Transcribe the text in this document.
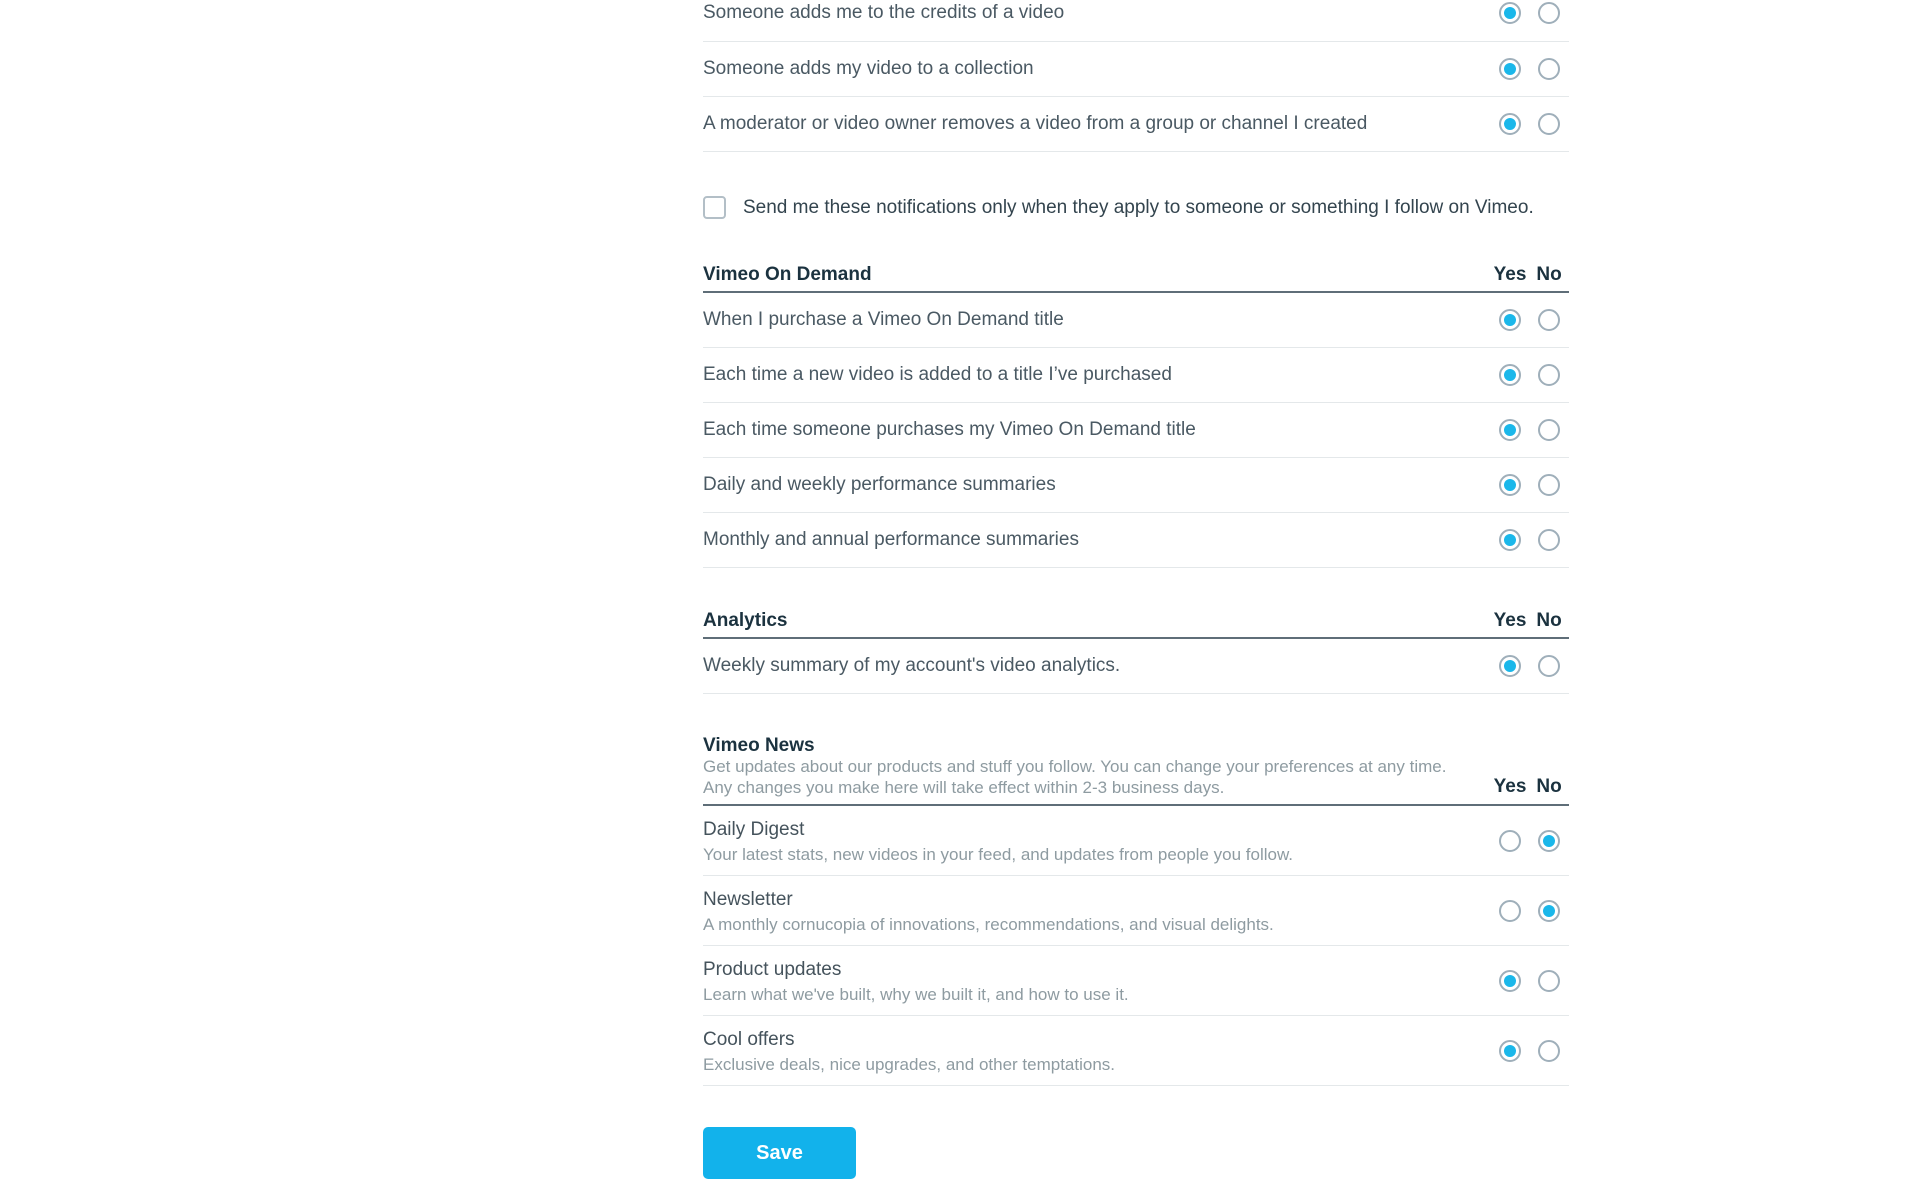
Someone adds me to the credits of a video
Someone adds my video to a collection
A moderator or video owner removes a video from a group or channel I created
Send me these notifications only when they apply to someone or something I follow on Vimeo.
Vimeo On Demand	Yes No
When I purchase a Vimeo On Demand title
Each time a new video is added to a title I’ve purchased
Each time someone purchases my Vimeo On Demand title
Daily and weekly performance summaries
Monthly and annual performance summaries
Analytics	Yes No
Weekly summary of my account's video analytics.
Vimeo News
Get updates about our products and stuff you follow. You can change your preferences at any time.
Any changes you make here will take effect within 2-3 business days.	Yes No
Daily Digest
Your latest stats, new videos in your feed, and updates from people you follow.
Newsletter
A monthly cornucopia of innovations, recommendations, and visual delights.
Product updates
Learn what we've built, why we built it, and how to use it.
Cool offers
Exclusive deals, nice upgrades, and other temptations.
Save
